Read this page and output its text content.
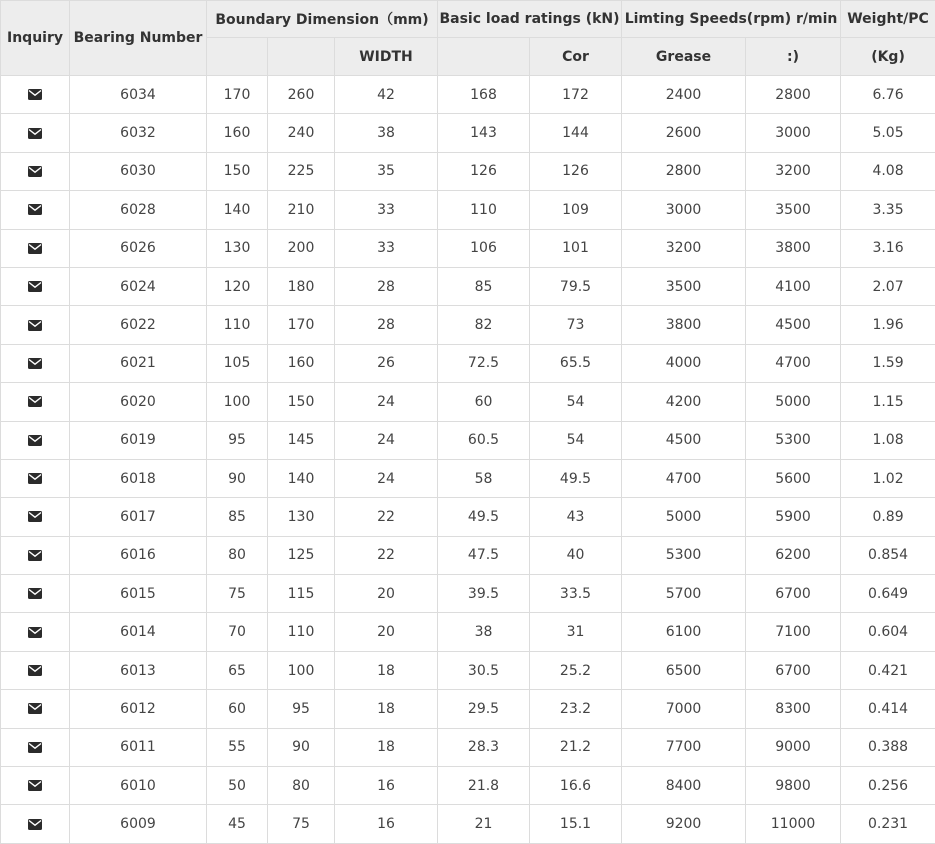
Inquiry	Bearing Number	Boundary Dimension（mm)			Basic load ratings (kN)		Limting Speeds(rpm) r/min		Weight/PC
				WIDTH		Cor	Grease	:)	(Kg)
	6034	170	260	42	168	172	2400	2800	6.76
	6032	160	240	38	143	144	2600	3000	5.05
	6030	150	225	35	126	126	2800	3200	4.08
	6028	140	210	33	110	109	3000	3500	3.35
	6026	130	200	33	106	101	3200	3800	3.16
	6024	120	180	28	85	79.5	3500	4100	2.07
	6022	110	170	28	82	73	3800	4500	1.96
	6021	105	160	26	72.5	65.5	4000	4700	1.59
	6020	100	150	24	60	54	4200	5000	1.15
	6019	95	145	24	60.5	54	4500	5300	1.08
	6018	90	140	24	58	49.5	4700	5600	1.02
	6017	85	130	22	49.5	43	5000	5900	0.89
	6016	80	125	22	47.5	40	5300	6200	0.854
	6015	75	115	20	39.5	33.5	5700	6700	0.649
	6014	70	110	20	38	31	6100	7100	0.604
	6013	65	100	18	30.5	25.2	6500	6700	0.421
	6012	60	95	18	29.5	23.2	7000	8300	0.414
	6011	55	90	18	28.3	21.2	7700	9000	0.388
	6010	50	80	16	21.8	16.6	8400	9800	0.256
	6009	45	75	16	21	15.1	9200	11000	0.231
